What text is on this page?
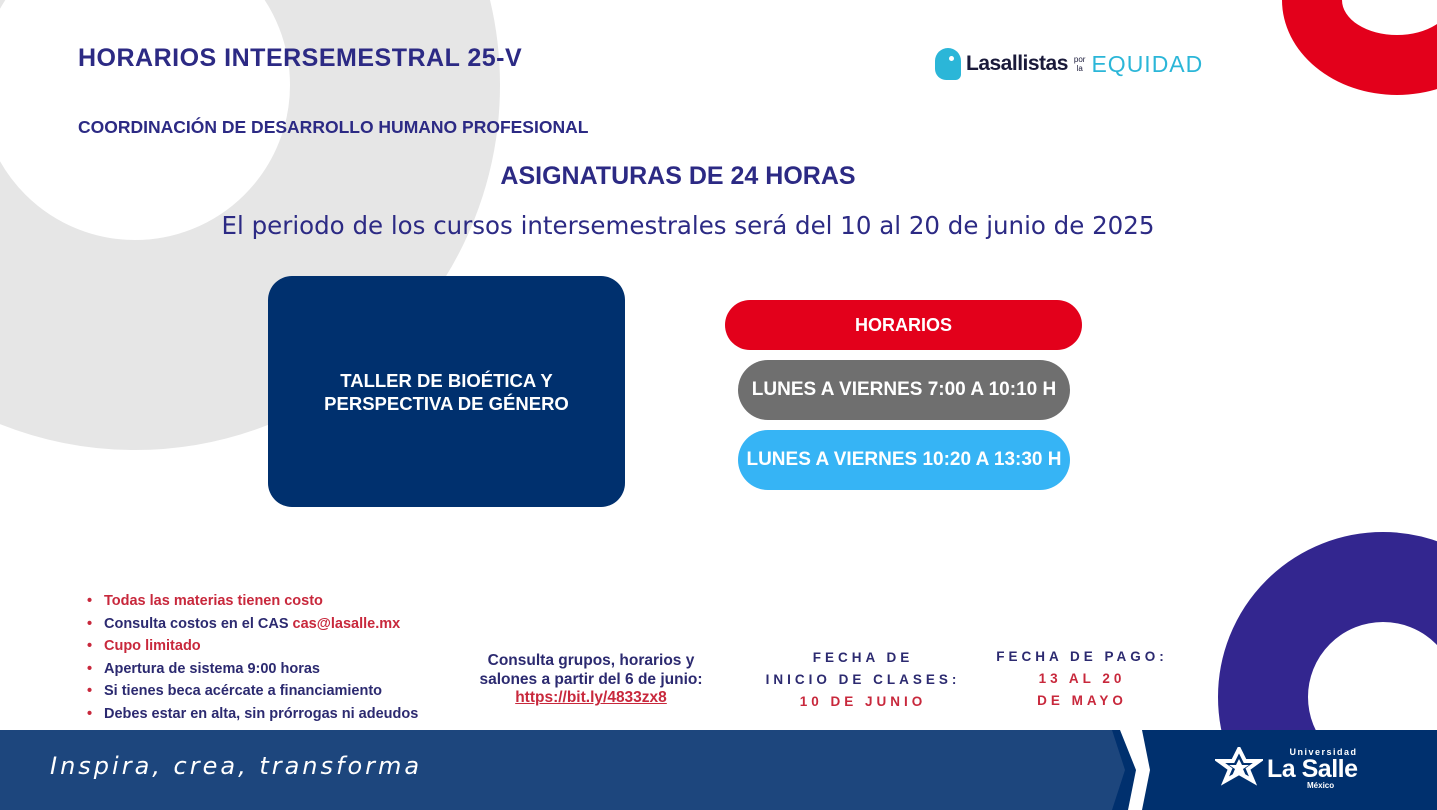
HORARIOS INTERSEMESTRAL 25-V
COORDINACIÓN DE DESARROLLO HUMANO PROFESIONAL
ASIGNATURAS DE 24 HORAS
El periodo de los cursos intersemestrales será del 10 al 20 de junio de 2025
Lasallistas por
la EQUIDAD
TALLER DE BIOÉTICA Y PERSPECTIVA DE GÉNERO
HORARIOS
LUNES A VIERNES 7:00 A 10:10 H
LUNES A VIERNES 10:20 A 13:30 H
• Todas las materias tienen costo
• Consulta costos en el CAS cas@lasalle.mx
• Cupo limitado
• Apertura de sistema 9:00 horas
• Si tienes beca acércate a financiamiento
• Debes estar en alta, sin prórrogas ni adeudos
Consulta grupos, horarios y salones a partir del 6 de junio:
https://bit.ly/4833zx8
FECHA DE
INICIO DE CLASES:
10 DE JUNIO
FECHA DE PAGO:
13 AL 20
DE MAYO
Inspira, crea, transforma	Universidad
La Salle
México
